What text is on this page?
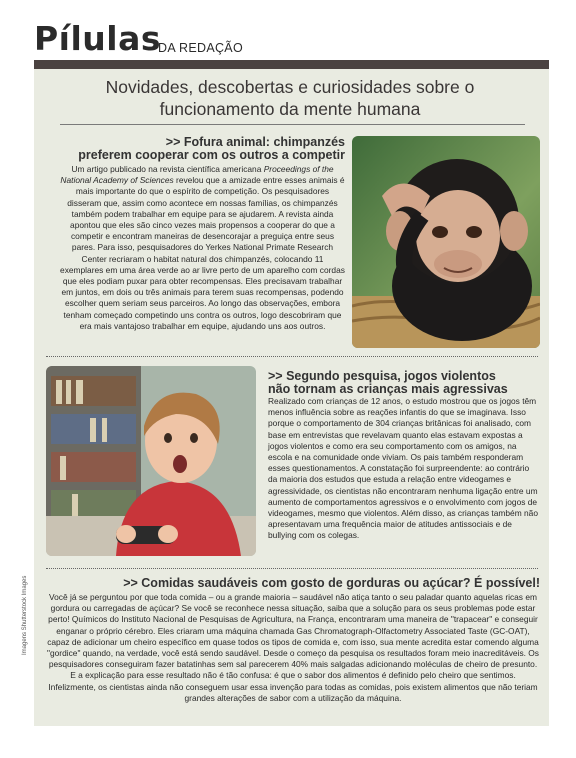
Pílulas
DA REDAÇÃO
Novidades, descobertas e curiosidades sobre o funcionamento da mente humana
>> Fofura animal: chimpanzés
preferem cooperar com os outros a competir
Um artigo publicado na revista científica americana Proceedings of the National Academy of Sciences revelou que a amizade entre esses animais é mais importante do que o espírito de competição. Os pesquisadores disseram que, assim como acontece em nossas famílias, os chimpanzés também podem trabalhar em equipe para se ajudarem. A revista ainda apontou que eles são cinco vezes mais propensos a cooperar do que a competir e encontram maneiras de desencorajar a preguiça entre seus pares. Para isso, pesquisadores do Yerkes National Primate Research Center recriaram o habitat natural dos chimpanzés, colocando 11 exemplares em uma área verde ao ar livre perto de um aparelho com cordas que eles podiam puxar para obter recompensas. Eles precisavam trabalhar em juntos, em dois ou três animais para terem suas recompensas, podendo escolher quem seriam seus parceiros. Ao longo das observações, embora tenham começado competindo uns contra os outros, logo descobriram que era mais vantajoso trabalhar em equipe, ajudando uns aos outros.
>> Segundo pesquisa, jogos violentos
não tornam as crianças mais agressivas
Realizado com crianças de 12 anos, o estudo mostrou que os jogos têm menos influência sobre as reações infantis do que se imaginava. Isso porque o comportamento de 304 crianças britânicas foi analisado, com base em entrevistas que revelavam quanto elas estavam expostas a jogos violentos e como era seu comportamento com os amigos, na escola e na comunidade onde viviam. Os pais também responderam esses questionamentos. A constatação foi surpreendente: ao contrário da maioria dos estudos que estuda a relação entre videogames e agressividade, os cientistas não encontraram nenhuma ligação entre um aumento de comportamentos agressivos e o envolvimento com jogos de videogames, mesmo que violentos. Além disso, as crianças também não apresentavam uma frequência maior de atitudes antissociais e de bullying com os colegas.
>> Comidas saudáveis com gosto de gorduras ou açúcar? É possível!
Você já se perguntou por que toda comida – ou a grande maioria – saudável não atiça tanto o seu paladar quanto aquelas ricas em gordura ou carregadas de açúcar? Se você se reconhece nessa situação, saiba que a solução para os seus problemas pode estar perto! Químicos do Instituto Nacional de Pesquisas de Agricultura, na França, encontraram uma maneira de "trapacear" e conseguir enganar o próprio cérebro. Eles criaram uma máquina chamada Gas Chromatograph-Olfactometry Associated Taste (GC-OAT), capaz de adicionar um cheiro específico em quase todos os tipos de comida e, com isso, sua mente acredita estar comendo alguma "gordice" quando, na verdade, você está sendo saudável. Desde o começo da pesquisa os resultados foram meio inacreditáveis. Os pesquisadores conseguiram fazer batatinhas sem sal parecerem 40% mais salgadas adicionando moléculas de cheiro de presunto. E a explicação para esse resultado não é tão confusa: é que o sabor dos alimentos é definido pelo cheiro que sentimos. Infelizmente, os cientistas ainda não conseguem usar essa invenção para todas as comidas, pois existem alimentos que não teriam grandes alterações de sabor com a utilização da máquina.
Imagens Shutterstock Images
